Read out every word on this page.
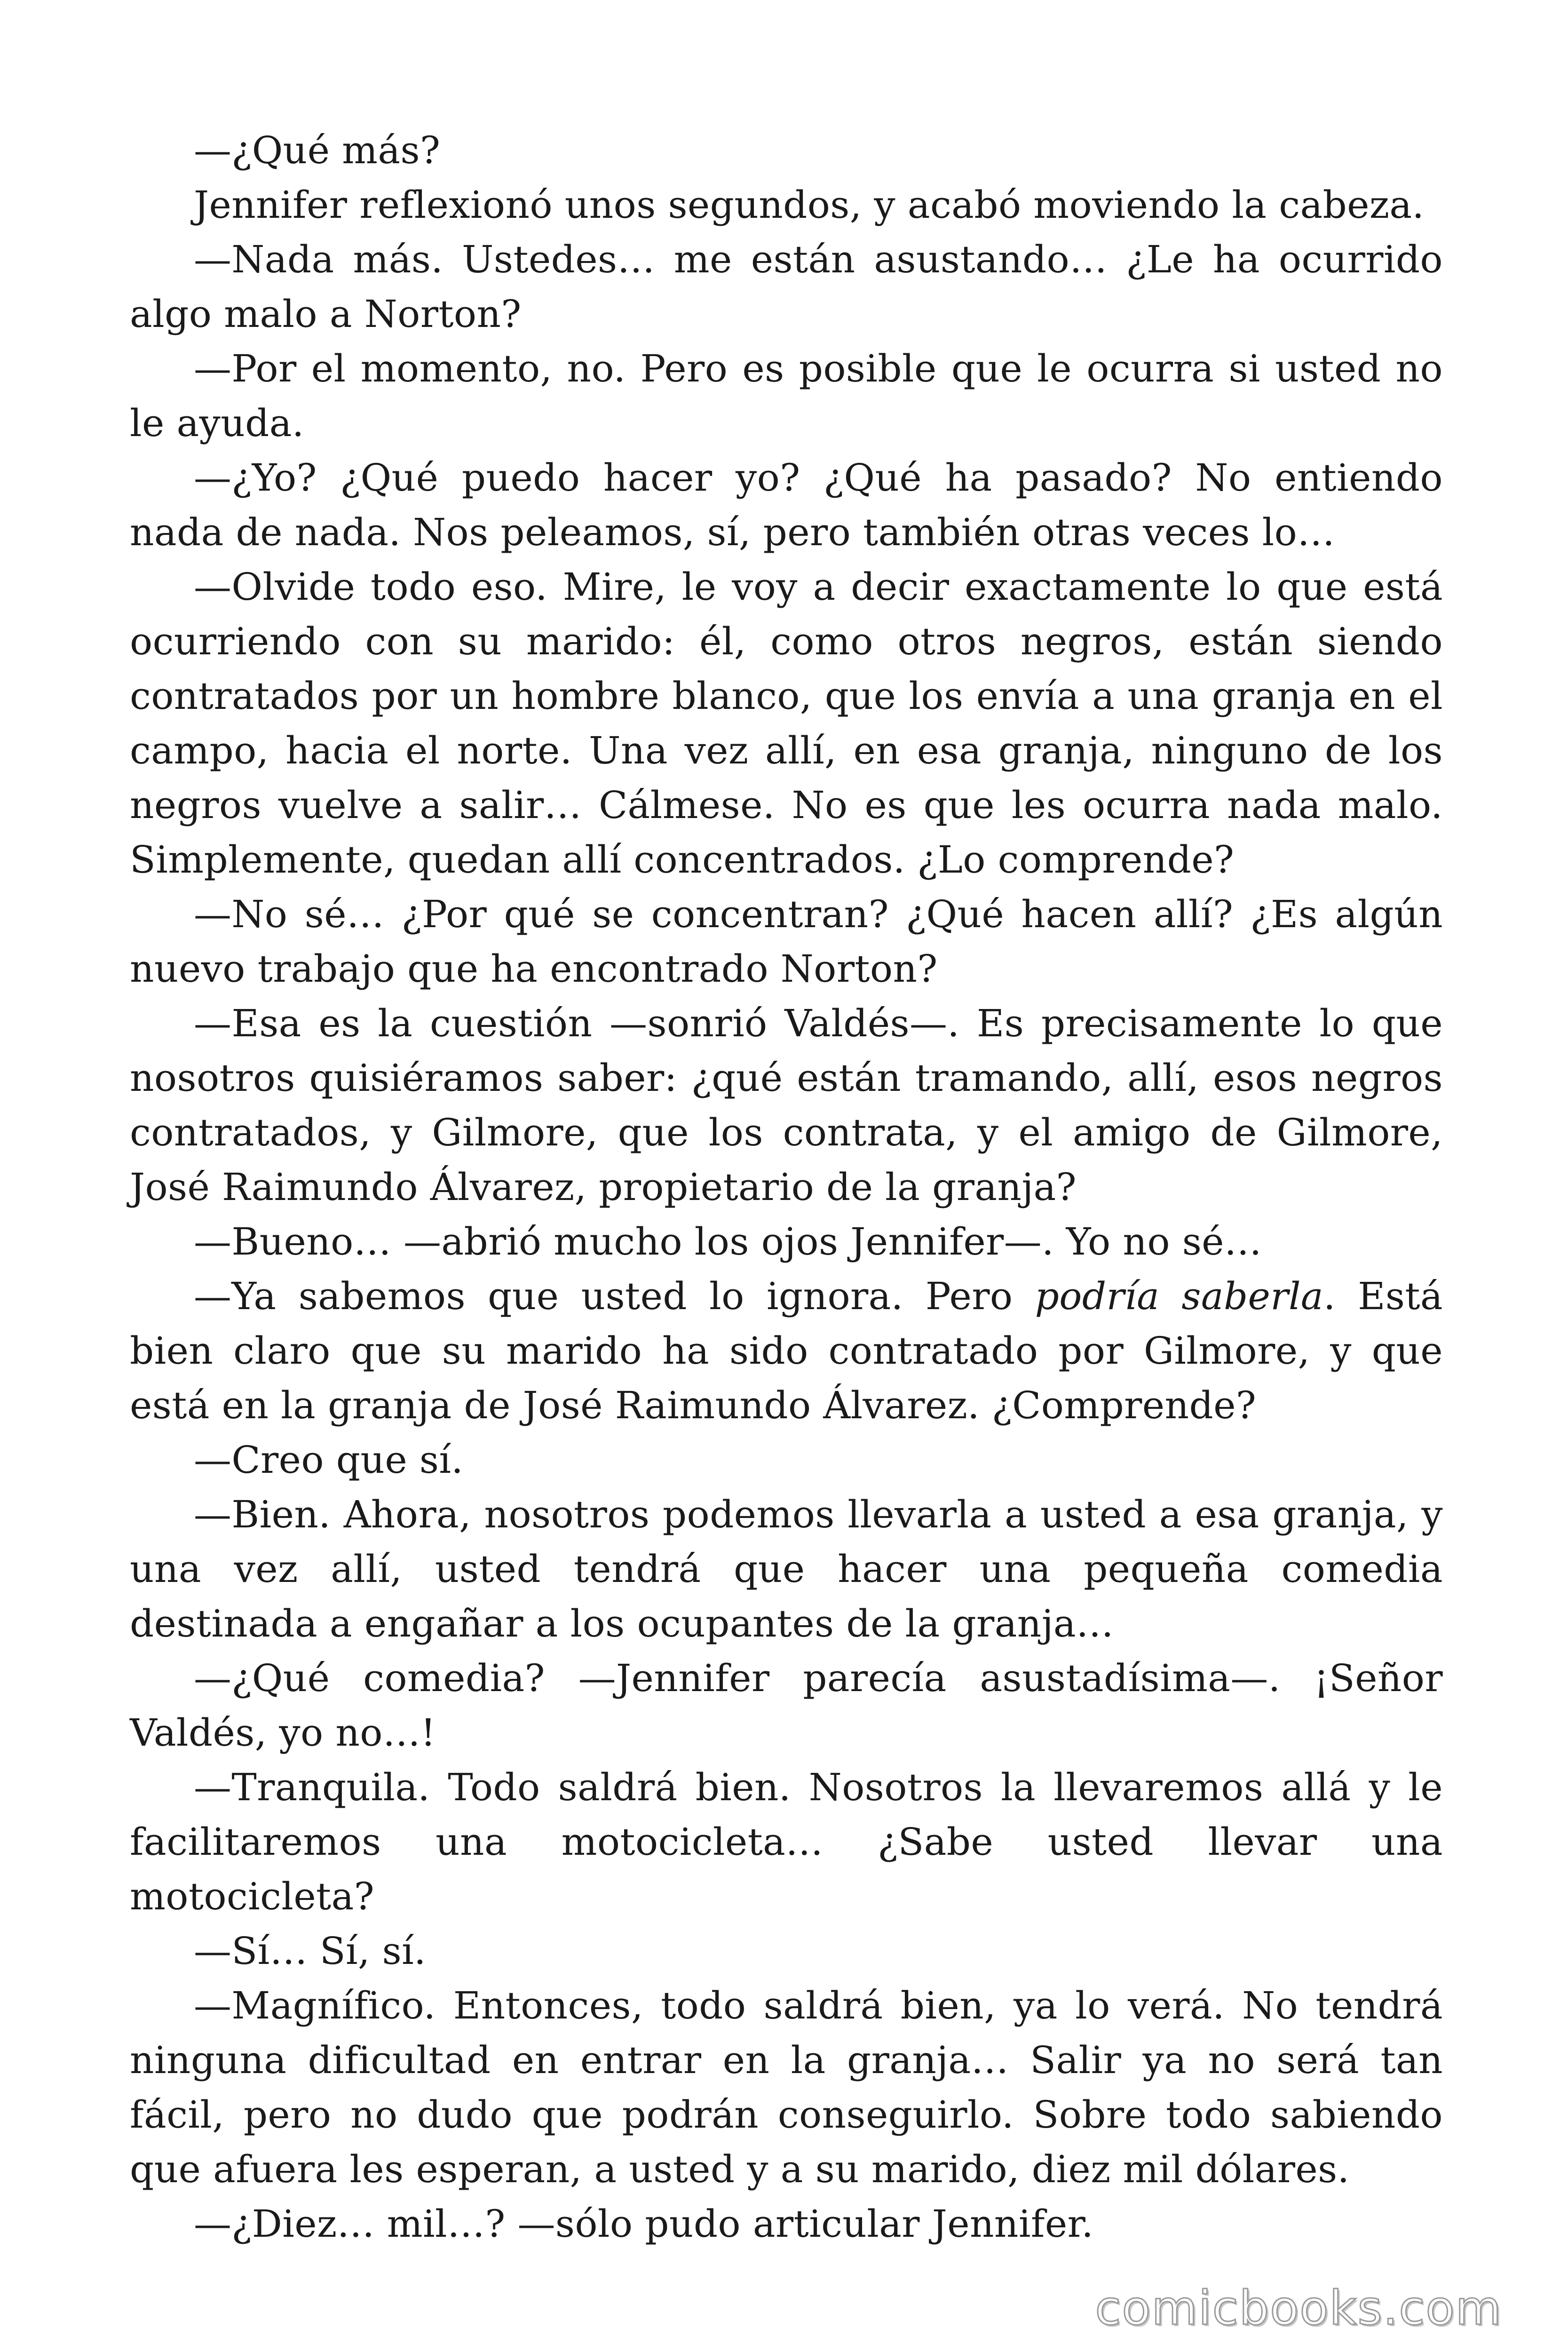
—¿Qué más?

Jennifer reflexionó unos segundos, y acabó moviendo la cabeza.

—Nada más. Ustedes… me están asustando… ¿Le ha ocurrido algo malo a Norton?

—Por el momento, no. Pero es posible que le ocurra si usted no le ayuda.

—¿Yo? ¿Qué puedo hacer yo? ¿Qué ha pasado? No entiendo nada de nada. Nos peleamos, sí, pero también otras veces lo…

—Olvide todo eso. Mire, le voy a decir exactamente lo que está ocurriendo con su marido: él, como otros negros, están siendo contratados por un hombre blanco, que los envía a una granja en el campo, hacia el norte. Una vez allí, en esa granja, ninguno de los negros vuelve a salir… Cálmese. No es que les ocurra nada malo. Simplemente, quedan allí concentrados. ¿Lo comprende?

—No sé… ¿Por qué se concentran? ¿Qué hacen allí? ¿Es algún nuevo trabajo que ha encontrado Norton?

—Esa es la cuestión —sonrió Valdés—. Es precisamente lo que nosotros quisiéramos saber: ¿qué están tramando, allí, esos negros contratados, y Gilmore, que los contrata, y el amigo de Gilmore, José Raimundo Álvarez, propietario de la granja?

—Bueno… —abrió mucho los ojos Jennifer—. Yo no sé…

—Ya sabemos que usted lo ignora. Pero podría saberla. Está bien claro que su marido ha sido contratado por Gilmore, y que está en la granja de José Raimundo Álvarez. ¿Comprende?

—Creo que sí.

—Bien. Ahora, nosotros podemos llevarla a usted a esa granja, y una vez allí, usted tendrá que hacer una pequeña comedia destinada a engañar a los ocupantes de la granja…

—¿Qué comedia? —Jennifer parecía asustadísima—. ¡Señor Valdés, yo no…!

—Tranquila. Todo saldrá bien. Nosotros la llevaremos allá y le facilitaremos una motocicleta… ¿Sabe usted llevar una motocicleta?

—Sí… Sí, sí.

—Magnífico. Entonces, todo saldrá bien, ya lo verá. No tendrá ninguna dificultad en entrar en la granja… Salir ya no será tan fácil, pero no dudo que podrán conseguirlo. Sobre todo sabiendo que afuera les esperan, a usted y a su marido, diez mil dólares.

—¿Diez… mil…? —sólo pudo articular Jennifer.

comicbooks.com
